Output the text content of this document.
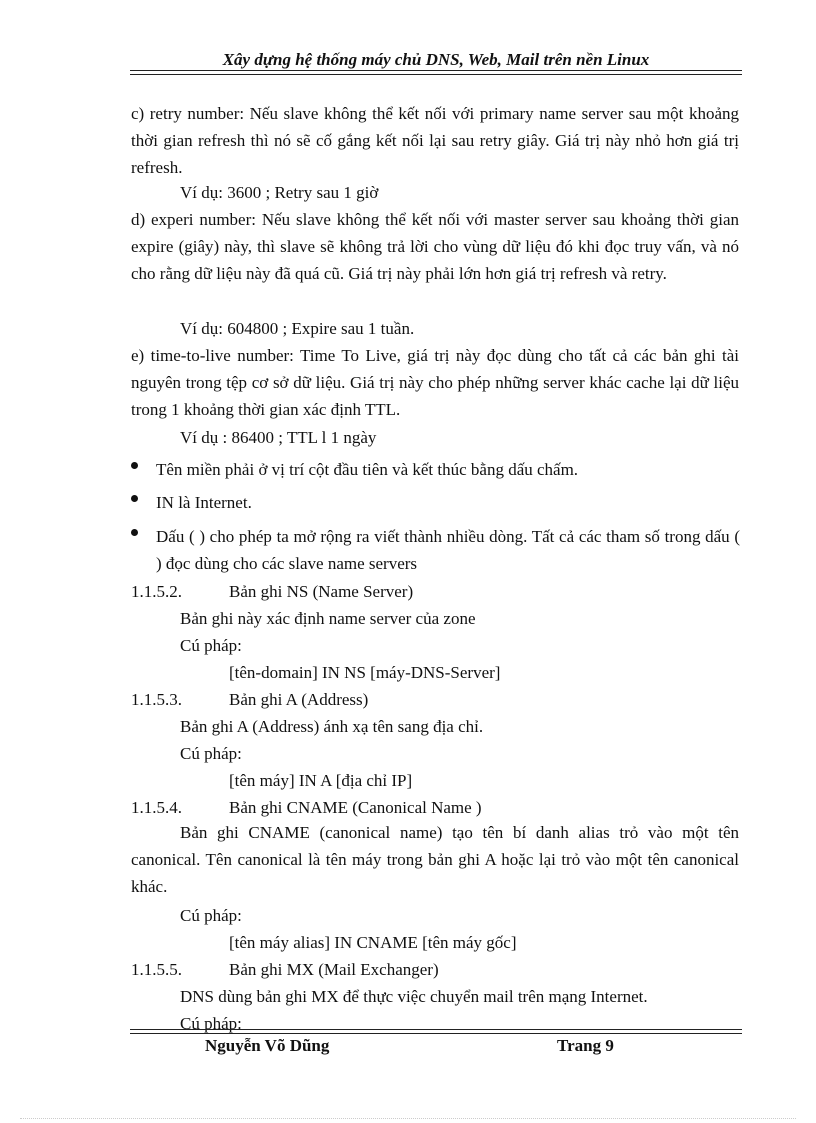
Xây dựng hệ thống máy chủ DNS, Web, Mail trên nền Linux
c) retry number: Nếu slave không thể kết nối với primary name server sau một khoảng thời gian refresh thì nó sẽ cố gắng kết nối lại sau retry giây. Giá trị này nhỏ hơn giá trị refresh.
Ví dụ: 3600 ; Retry sau 1 giờ
d) experi number: Nếu slave không thể kết nối với master server sau khoảng thời gian expire (giây) này, thì slave sẽ không trả lời cho vùng dữ liệu đó khi đọc truy vấn, và nó cho rằng dữ liệu này đã quá cũ. Giá trị này phải lớn hơn giá trị refresh và retry.
Ví dụ: 604800 ; Expire sau 1 tuần.
e) time-to-live number: Time To Live, giá trị này đọc dùng cho tất cả các bản ghi tài nguyên trong tệp cơ sở dữ liệu. Giá trị này cho phép những server khác cache lại dữ liệu trong 1 khoảng thời gian xác định TTL.
Ví dụ : 86400 ; TTL l 1 ngày
Tên miền phải ở vị trí cột đầu tiên và kết thúc bằng dấu chấm.
IN là Internet.
Dấu ( ) cho phép ta mở rộng ra viết thành nhiều dòng. Tất cả các tham số trong dấu ( ) đọc dùng cho các slave name servers
1.1.5.2.	Bản ghi NS (Name Server)
Bản ghi này xác định name server của zone
Cú pháp:
[tên-domain] IN NS [máy-DNS-Server]
1.1.5.3.	Bản ghi A (Address)
Bản ghi A (Address) ánh xạ tên sang địa chỉ.
Cú pháp:
[tên máy] IN A [địa chỉ IP]
1.1.5.4.	Bản ghi CNAME (Canonical Name )
Bản ghi CNAME (canonical name) tạo tên bí danh alias trỏ vào một tên canonical. Tên canonical là tên máy trong bản ghi A hoặc lại trỏ vào một tên canonical khác.
Cú pháp:
[tên máy alias] IN CNAME [tên máy gốc]
1.1.5.5.	Bản ghi MX (Mail Exchanger)
DNS dùng bản ghi MX để thực việc chuyển mail trên mạng Internet.
Cú pháp:
Nguyễn Võ Dũng	Trang 9
